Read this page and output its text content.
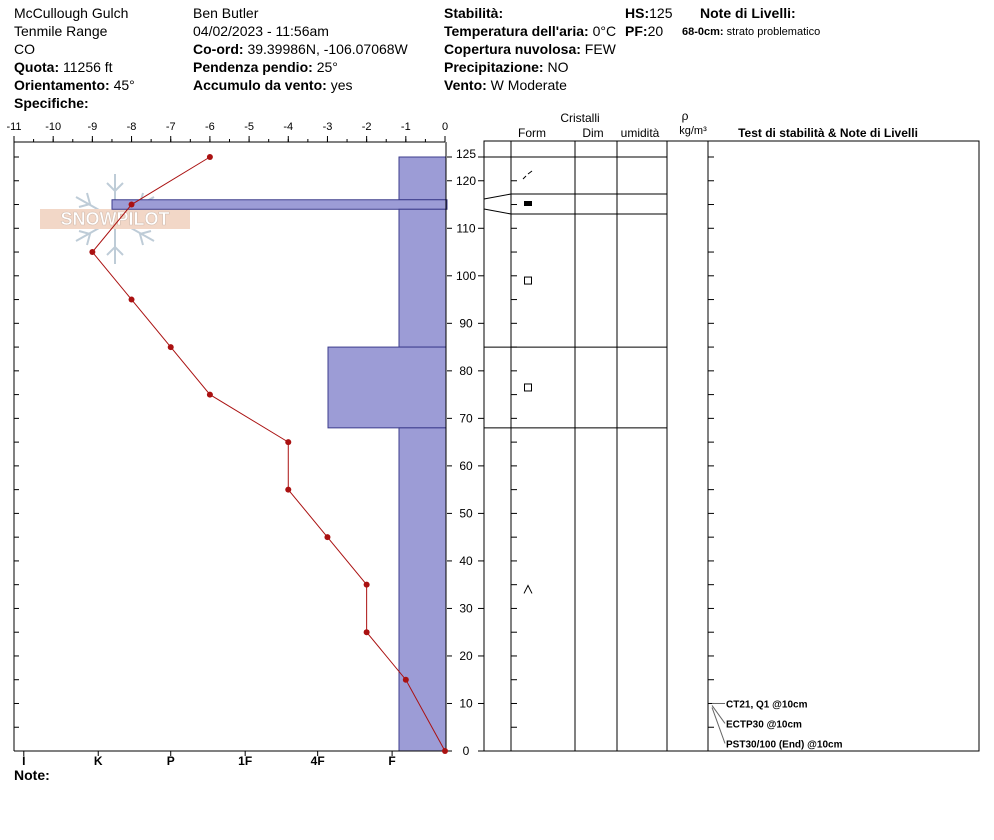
McCullough Gulch
Tenmile Range
CO
Quota: 11256 ft
Orientamento: 45°
Specifiche:
Ben Butler
04/02/2023 - 11:56am
Co-ord: 39.39986N, -106.07068W
Pendenza pendio: 25°
Accumulo da vento: yes
Stabilità:
Temperatura dell'aria: 0°C
Copertura nuvolosa: FEW
Precipitazione: NO
Vento: W Moderate
HS:125
PF:20
Note di Livelli:
68-0cm: strato problematico
Note:
SNOWPILOT
-11 -10 -9	-8	-7	-6	-5	-4	-3	-2	-1	0
I	K	P	1F	4F	F
0
10
20
30
40
50
60
70
80
90
100
110
120
125
Cristalli
Form	Dim umidità
ρ
kg/m³	Test di stabilità & Note di Livelli
CT21, Q1 @10cm
ECTP30 @10cm
PST30/100 (End) @10cm
